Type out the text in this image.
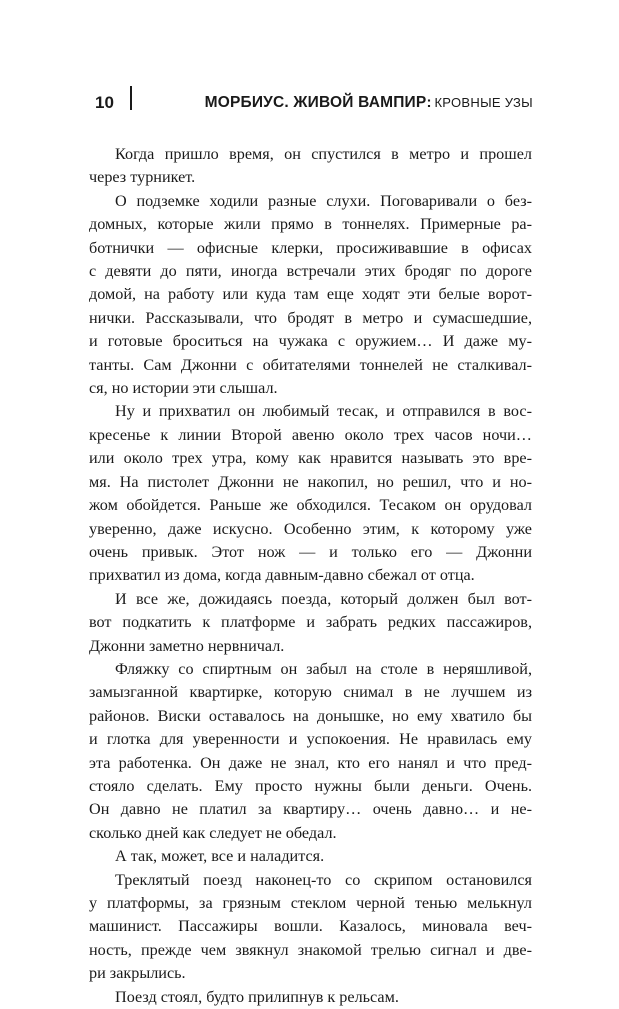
10	МОРБИУС. ЖИВОЙ ВАМПИР: КРОВНЫЕ УЗЫ
Когда пришло время, он спустился в метро и прошел
через турникет.
О подземке ходили разные слухи. Поговаривали о без-
домных, которые жили прямо в тоннелях. Примерные ра-
ботнички — офисные клерки, просиживавшие в офисах
с девяти до пяти, иногда встречали этих бродяг по дороге
домой, на работу или куда там еще ходят эти белые ворот-
нички. Рассказывали, что бродят в метро и сумасшедшие,
и готовые броситься на чужака с оружием… И даже му-
танты. Сам Джонни с обитателями тоннелей не сталкивал-
ся, но истории эти слышал.
Ну и прихватил он любимый тесак, и отправился в вос-
кресенье к линии Второй авеню около трех часов ночи…
или около трех утра, кому как нравится называть это вре-
мя. На пистолет Джонни не накопил, но решил, что и но-
жом обойдется. Раньше же обходился. Тесаком он орудовал
уверенно, даже искусно. Особенно этим, к которому уже
очень привык. Этот нож — и только его — Джонни
прихватил из дома, когда давным-давно сбежал от отца.
И все же, дожидаясь поезда, который должен был вот-
вот подкатить к платформе и забрать редких пассажиров,
Джонни заметно нервничал.
Фляжку со спиртным он забыл на столе в неряшливой,
замызганной квартирке, которую снимал в не лучшем из
районов. Виски оставалось на донышке, но ему хватило бы
и глотка для уверенности и успокоения. Не нравилась ему
эта работенка. Он даже не знал, кто его нанял и что пред-
стояло сделать. Ему просто нужны были деньги. Очень.
Он давно не платил за квартиру… очень давно… и не-
сколько дней как следует не обедал.
А так, может, все и наладится.
Треклятый поезд наконец-то со скрипом остановился
у платформы, за грязным стеклом черной тенью мелькнул
машинист. Пассажиры вошли. Казалось, миновала веч-
ность, прежде чем звякнул знакомой трелью сигнал и две-
ри закрылись.
Поезд стоял, будто прилипнув к рельсам.
